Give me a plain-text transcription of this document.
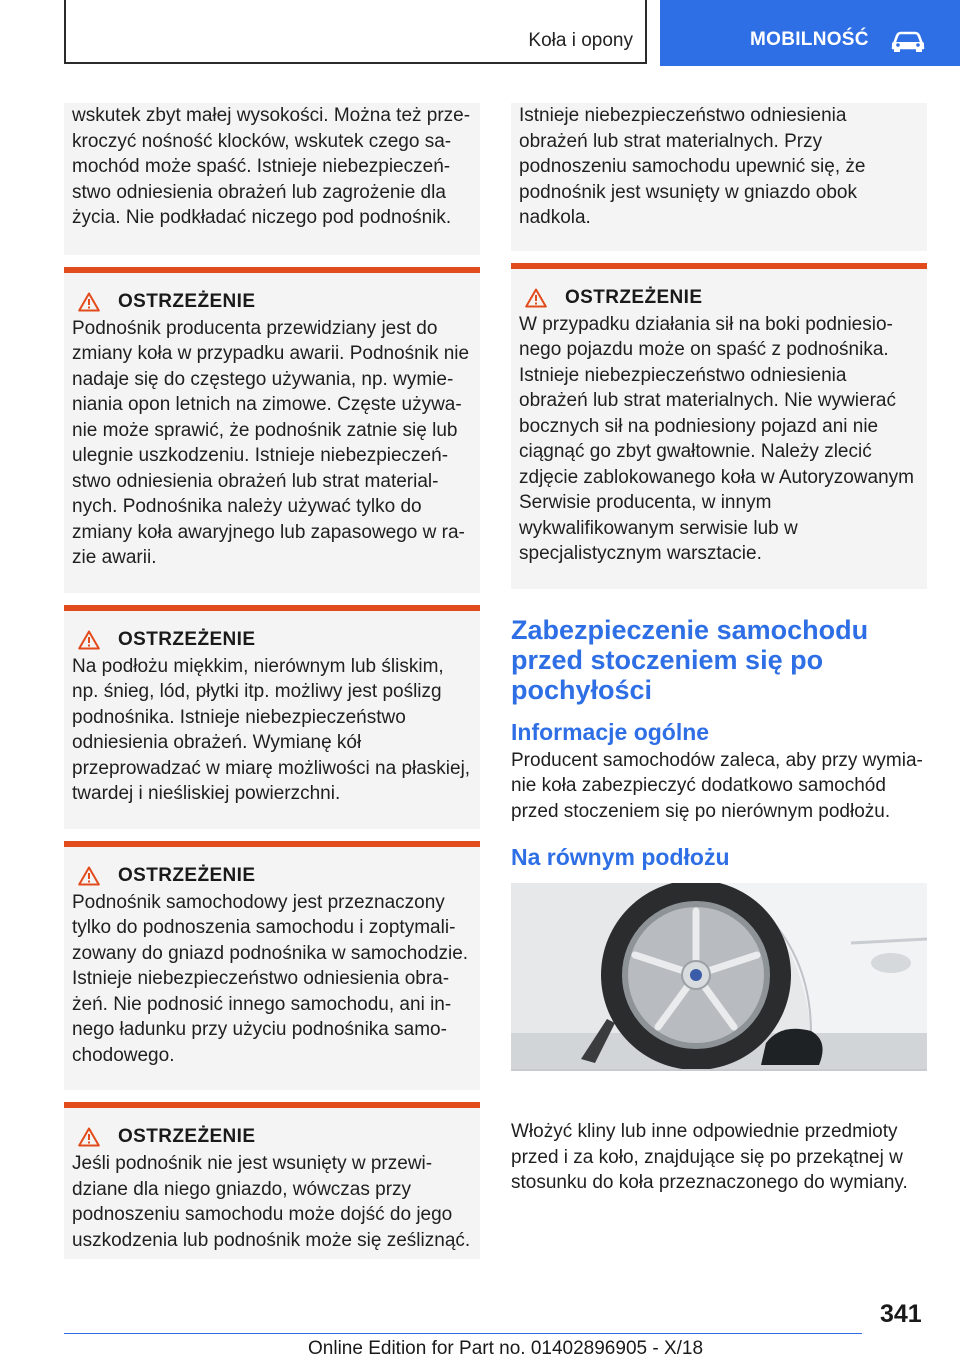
Koła i opony	MOBILNOŚĆ

wskutek zbyt małej wysokości. Można też przekroczyć nośność klocków, wskutek czego samochód może spaść. Istnieje niebezpieczeństwo odniesienia obrażeń lub zagrożenie dla życia. Nie podkładać niczego pod podnośnik.

OSTRZEŻENIE

Podnośnik producenta przewidziany jest do zmiany koła w przypadku awarii. Podnośnik nie nadaje się do częstego używania, np. wymieniania opon letnich na zimowe. Częste używanie może sprawić, że podnośnik zatnie się lub ulegnie uszkodzeniu. Istnieje niebezpieczeństwo odniesienia obrażeń lub strat materialnych. Podnośnika należy używać tylko do zmiany koła awaryjnego lub zapasowego w razie awarii.

OSTRZEŻENIE

Na podłożu miękkim, nierównym lub śliskim, np. śnieg, lód, płytki itp. możliwy jest poślizg podnośnika. Istnieje niebezpieczeństwo odniesienia obrażeń. Wymianę kół przeprowadzać w miarę możliwości na płaskiej, twardej i nieśliskiej powierzchni.

OSTRZEŻENIE

Podnośnik samochodowy jest przeznaczony tylko do podnoszenia samochodu i zoptymalizowany do gniazd podnośnika w samochodzie. Istnieje niebezpieczeństwo odniesienia obrażeń. Nie podnosić innego samochodu, ani innego ładunku przy użyciu podnośnika samochodowego.

OSTRZEŻENIE

Jeśli podnośnik nie jest wsunięty w przewidziane dla niego gniazdo, wówczas przy podnoszeniu samochodu może dojść do jego uszkodzenia lub podnośnik może się ześliznąć.

Istnieje niebezpieczeństwo odniesienia obrażeń lub strat materialnych. Przy podnoszeniu samochodu upewnić się, że podnośnik jest wsunięty w gniazdo obok nadkola.

OSTRZEŻENIE

W przypadku działania sił na boki podniesionego pojazdu może on spaść z podnośnika. Istnieje niebezpieczeństwo odniesienia obrażeń lub strat materialnych. Nie wywierać bocznych sił na podniesiony pojazd ani nie ciągnąć go zbyt gwałtownie. Należy zlecić zdjęcie zablokowanego koła w Autoryzowanym Serwisie producenta, w innym wykwalifikowanym serwisie lub w specjalistycznym warsztacie.

Zabezpieczenie samochodu przed stoczeniem się po pochyłości
Informacje ogólne

Producent samochodów zaleca, aby przy wymianie koła zabezpieczyć dodatkowo samochód przed stoczeniem się po nierównym podłożu.

Na równym podłożu

Włożyć kliny lub inne odpowiednie przedmioty przed i za koło, znajdujące się po przekątnej w stosunku do koła przeznaczonego do wymiany.

341
Online Edition for Part no. 01402896905 - X/18
